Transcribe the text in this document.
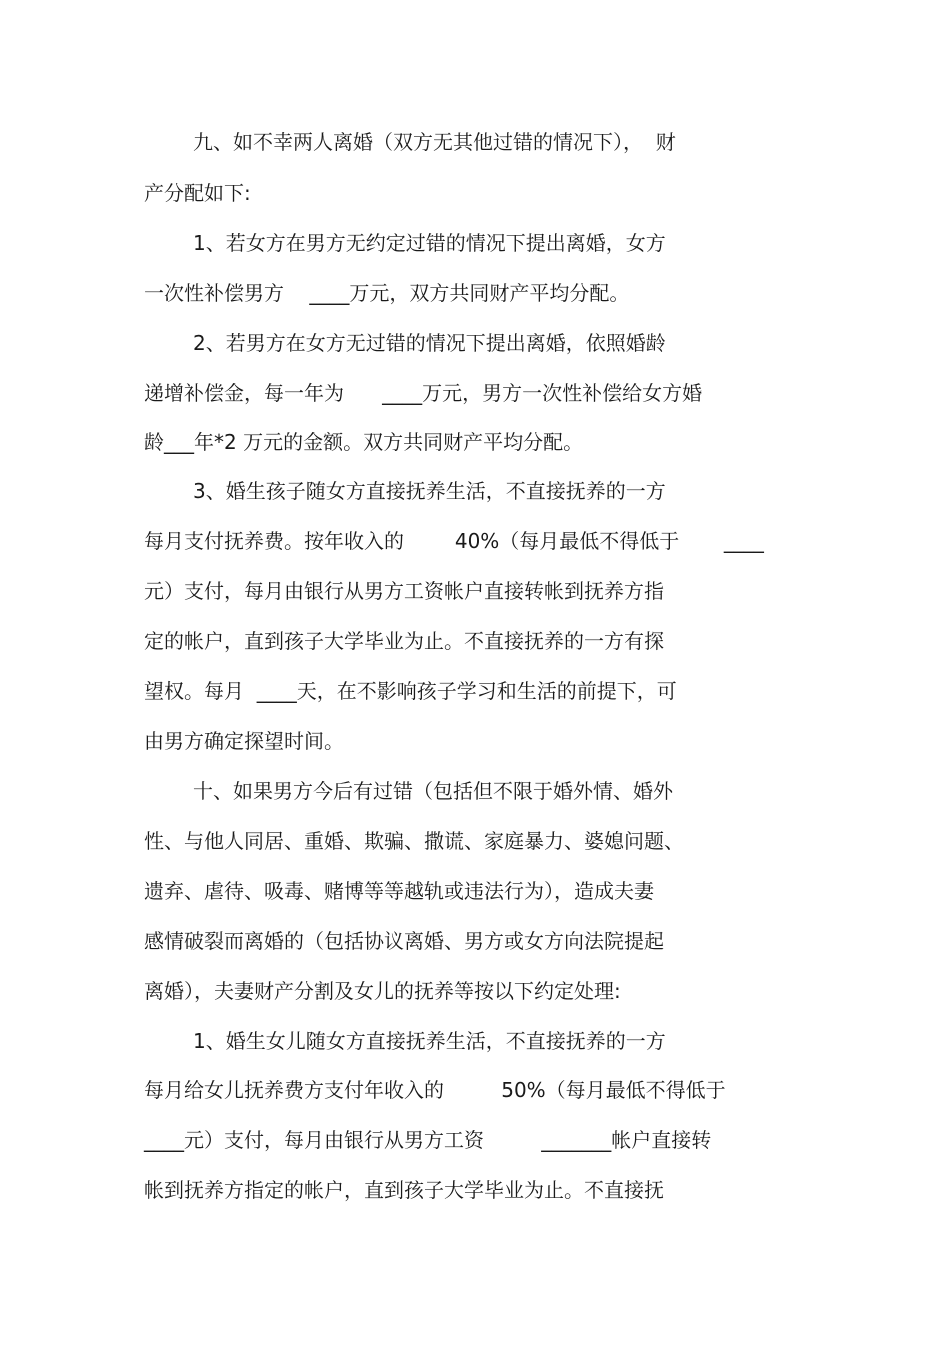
九、如不幸两人离婚（双方无其他过错的情况下），  财
产分配如下:
1、若女方在男方无约定过错的情况下提出离婚，女方
一次性补偿男方    ____万元，双方共同财产平均分配。
2、若男方在女方无过错的情况下提出离婚，依照婚龄
递增补偿金，每一年为      ____万元，男方一次性补偿给女方婚
龄___年*2 万元的金额。双方共同财产平均分配。
3、婚生孩子随女方直接抚养生活，不直接抚养的一方
每月支付抚养费。按年收入的        40%（每月最低不得低于       ____
元）支付，每月由银行从男方工资帐户直接转帐到抚养方指
定的帐户，直到孩子大学毕业为止。不直接抚养的一方有探
望权。每月  ____天，在不影响孩子学习和生活的前提下，可
由男方确定探望时间。
十、如果男方今后有过错（包括但不限于婚外情、婚外
性、与他人同居、重婚、欺骗、撒谎、家庭暴力、婆媳问题、
遗弃、虐待、吸毒、赌博等等越轨或违法行为），造成夫妻
感情破裂而离婚的（包括协议离婚、男方或女方向法院提起
离婚），夫妻财产分割及女儿的抚养等按以下约定处理:
1、婚生女儿随女方直接抚养生活，不直接抚养的一方
每月给女儿抚养费方支付年收入的         50%（每月最低不得低于
____元）支付，每月由银行从男方工资         _______帐户直接转
帐到抚养方指定的帐户，直到孩子大学毕业为止。不直接抚
